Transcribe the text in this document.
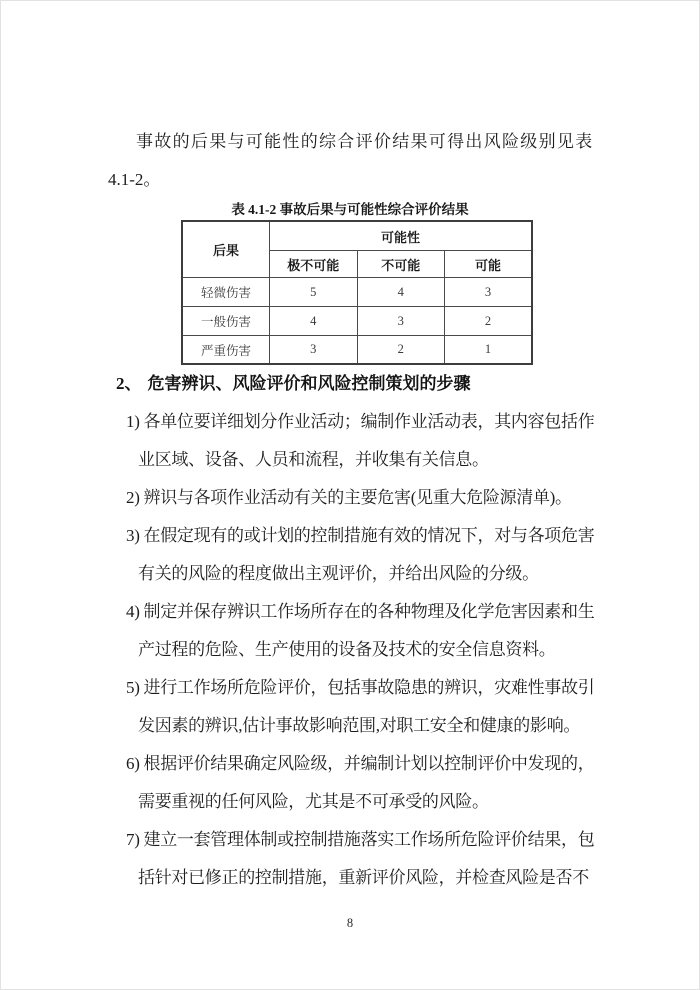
事故的后果与可能性的综合评价结果可得出风险级别见表
4.1-2。
表 4.1-2 事故后果与可能性综合评价结果
后果	可能性		
	极不可能	不可能	可能
轻微伤害	5	4	3
一般伤害	4	3	2
严重伤害	3	2	1
2、 危害辨识、风险评价和风险控制策划的步骤
1) 各单位要详细划分作业活动；编制作业活动表，其内容包括作
业区域、设备、人员和流程，并收集有关信息。
2) 辨识与各项作业活动有关的主要危害(见重大危险源清单)。
3) 在假定现有的或计划的控制措施有效的情况下，对与各项危害
有关的风险的程度做出主观评价，并给出风险的分级。
4) 制定并保存辨识工作场所存在的各种物理及化学危害因素和生
产过程的危险、生产使用的设备及技术的安全信息资料。
5) 进行工作场所危险评价，包括事故隐患的辨识，灾难性事故引
发因素的辨识,估计事故影响范围,对职工安全和健康的影响。
6) 根据评价结果确定风险级，并编制计划以控制评价中发现的，
需要重视的任何风险，尤其是不可承受的风险。
7) 建立一套管理体制或控制措施落实工作场所危险评价结果，包
括针对已修正的控制措施，重新评价风险，并检查风险是否不
8
